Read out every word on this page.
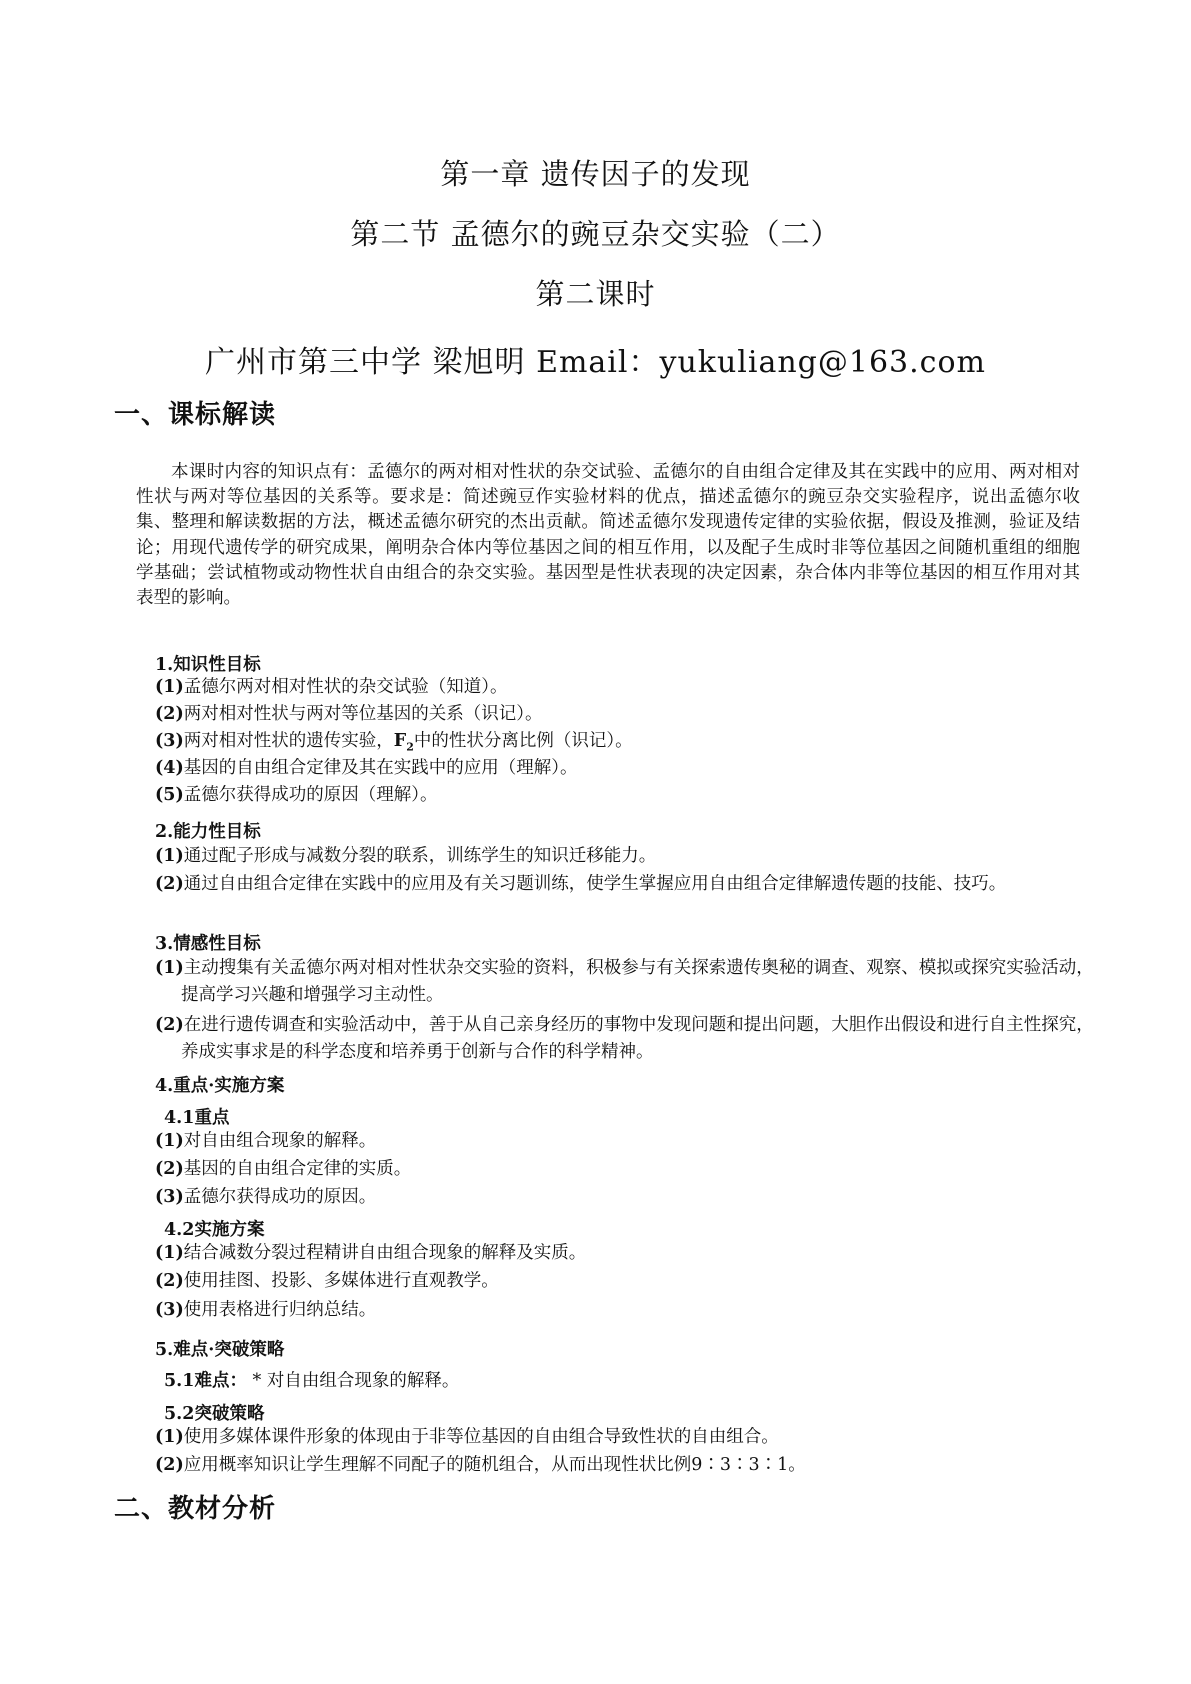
第一章 遗传因子的发现
第二节 孟德尔的豌豆杂交实验（二）
第二课时
广州市第三中学 梁旭明 Email：yukuliang@163.com
一、课标解读

本课时内容的知识点有：孟德尔的两对相对性状的杂交试验、孟德尔的自由组合定律及其在实践中的应用、两对相对性状与两对等位基因的关系等。要求是：简述豌豆作实验材料的优点，描述孟德尔的豌豆杂交实验程序，说出孟德尔收集、整理和解读数据的方法，概述孟德尔研究的杰出贡献。简述孟德尔发现遗传定律的实验依据，假设及推测，验证及结论；用现代遗传学的研究成果，阐明杂合体内等位基因之间的相互作用，以及配子生成时非等位基因之间随机重组的细胞学基础；尝试植物或动物性状自由组合的杂交实验。基因型是性状表现的决定因素，杂合体内非等位基因的相互作用对其表型的影响。

1.知识性目标
(1)孟德尔两对相对性状的杂交试验（知道）。
(2)两对相对性状与两对等位基因的关系（识记）。
(3)两对相对性状的遗传实验，$F_2$中的性状分离比例（识记）。
(4)基因的自由组合定律及其在实践中的应用（理解）。
(5)孟德尔获得成功的原因（理解）。
2.能力性目标
(1)通过配子形成与减数分裂的联系，训练学生的知识迁移能力。
(2)通过自由组合定律在实践中的应用及有关习题训练，使学生掌握应用自由组合定律解遗传题的技能、技巧。
3.情感性目标
(1)主动搜集有关孟德尔两对相对性状杂交实验的资料，积极参与有关探索遗传奥秘的调查、观察、模拟或探究实验活动，提高学习兴趣和增强学习主动性。
(2)在进行遗传调查和实验活动中，善于从自己亲身经历的事物中发现问题和提出问题，大胆作出假设和进行自主性探究，养成实事求是的科学态度和培养勇于创新与合作的科学精神。
4.重点·实施方案
4.1重点
(1)对自由组合现象的解释。
(2)基因的自由组合定律的实质。
(3)孟德尔获得成功的原因。
4.2实施方案
(1)结合减数分裂过程精讲自由组合现象的解释及实质。
(2)使用挂图、投影、多媒体进行直观教学。
(3)使用表格进行归纳总结。
5.难点·突破策略
5.1难点： * 对自由组合现象的解释。
5.2突破策略
(1)使用多媒体课件形象的体现由于非等位基因的自由组合导致性状的自由组合。
(2)应用概率知识让学生理解不同配子的随机组合，从而出现性状比例9∶3∶3∶1。
二、教材分析
